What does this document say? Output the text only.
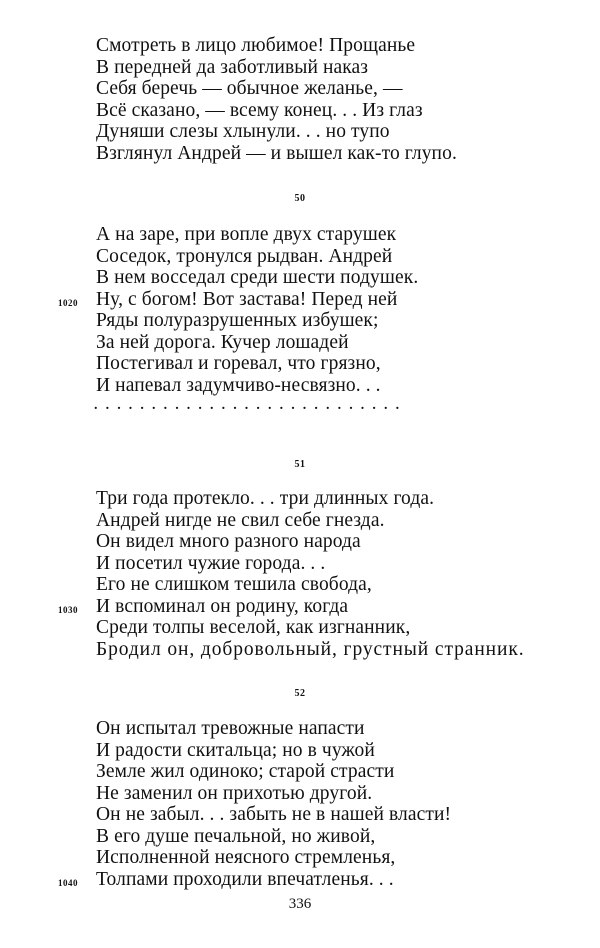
Смотреть в лицо любимое! Прощанье
В передней да заботливый наказ
Себя беречь — обычное желанье, —
Всё сказано, — всему конец. . . Из глаз
Дуняши слезы хлынули. . . но тупо
Взглянул Андрей — и вышел как-то глупо.
50
А на заре, при вопле двух старушек
Соседок, тронулся рыдван. Андрей
В нем восседал среди шести подушек.
1020 Ну, с богом! Вот застава! Перед ней
Ряды полуразрушенных избушек;
За ней дорога. Кучер лошадей
Постегивал и горевал, что грязно,
И напевал задумчиво-несвязно. . .
...........................
51
Три года протекло. . . три длинных года.
Андрей нигде не свил себе гнезда.
Он видел много разного народа
И посетил чужие города. . .
Его не слишком тешила свобода,
1030 И вспоминал он родину, когда
Среди толпы веселой, как изгнанник,
Бродил он, добровольный, грустный странник.
52
Он испытал тревожные напасти
И радости скитальца; но в чужой
Земле жил одиноко; старой страсти
Не заменил он прихотью другой.
Он не забыл. . . забыть не в нашей власти!
В его душе печальной, но живой,
Исполненной неясного стремленья,
1040 Толпами проходили впечатленья. . .
336
